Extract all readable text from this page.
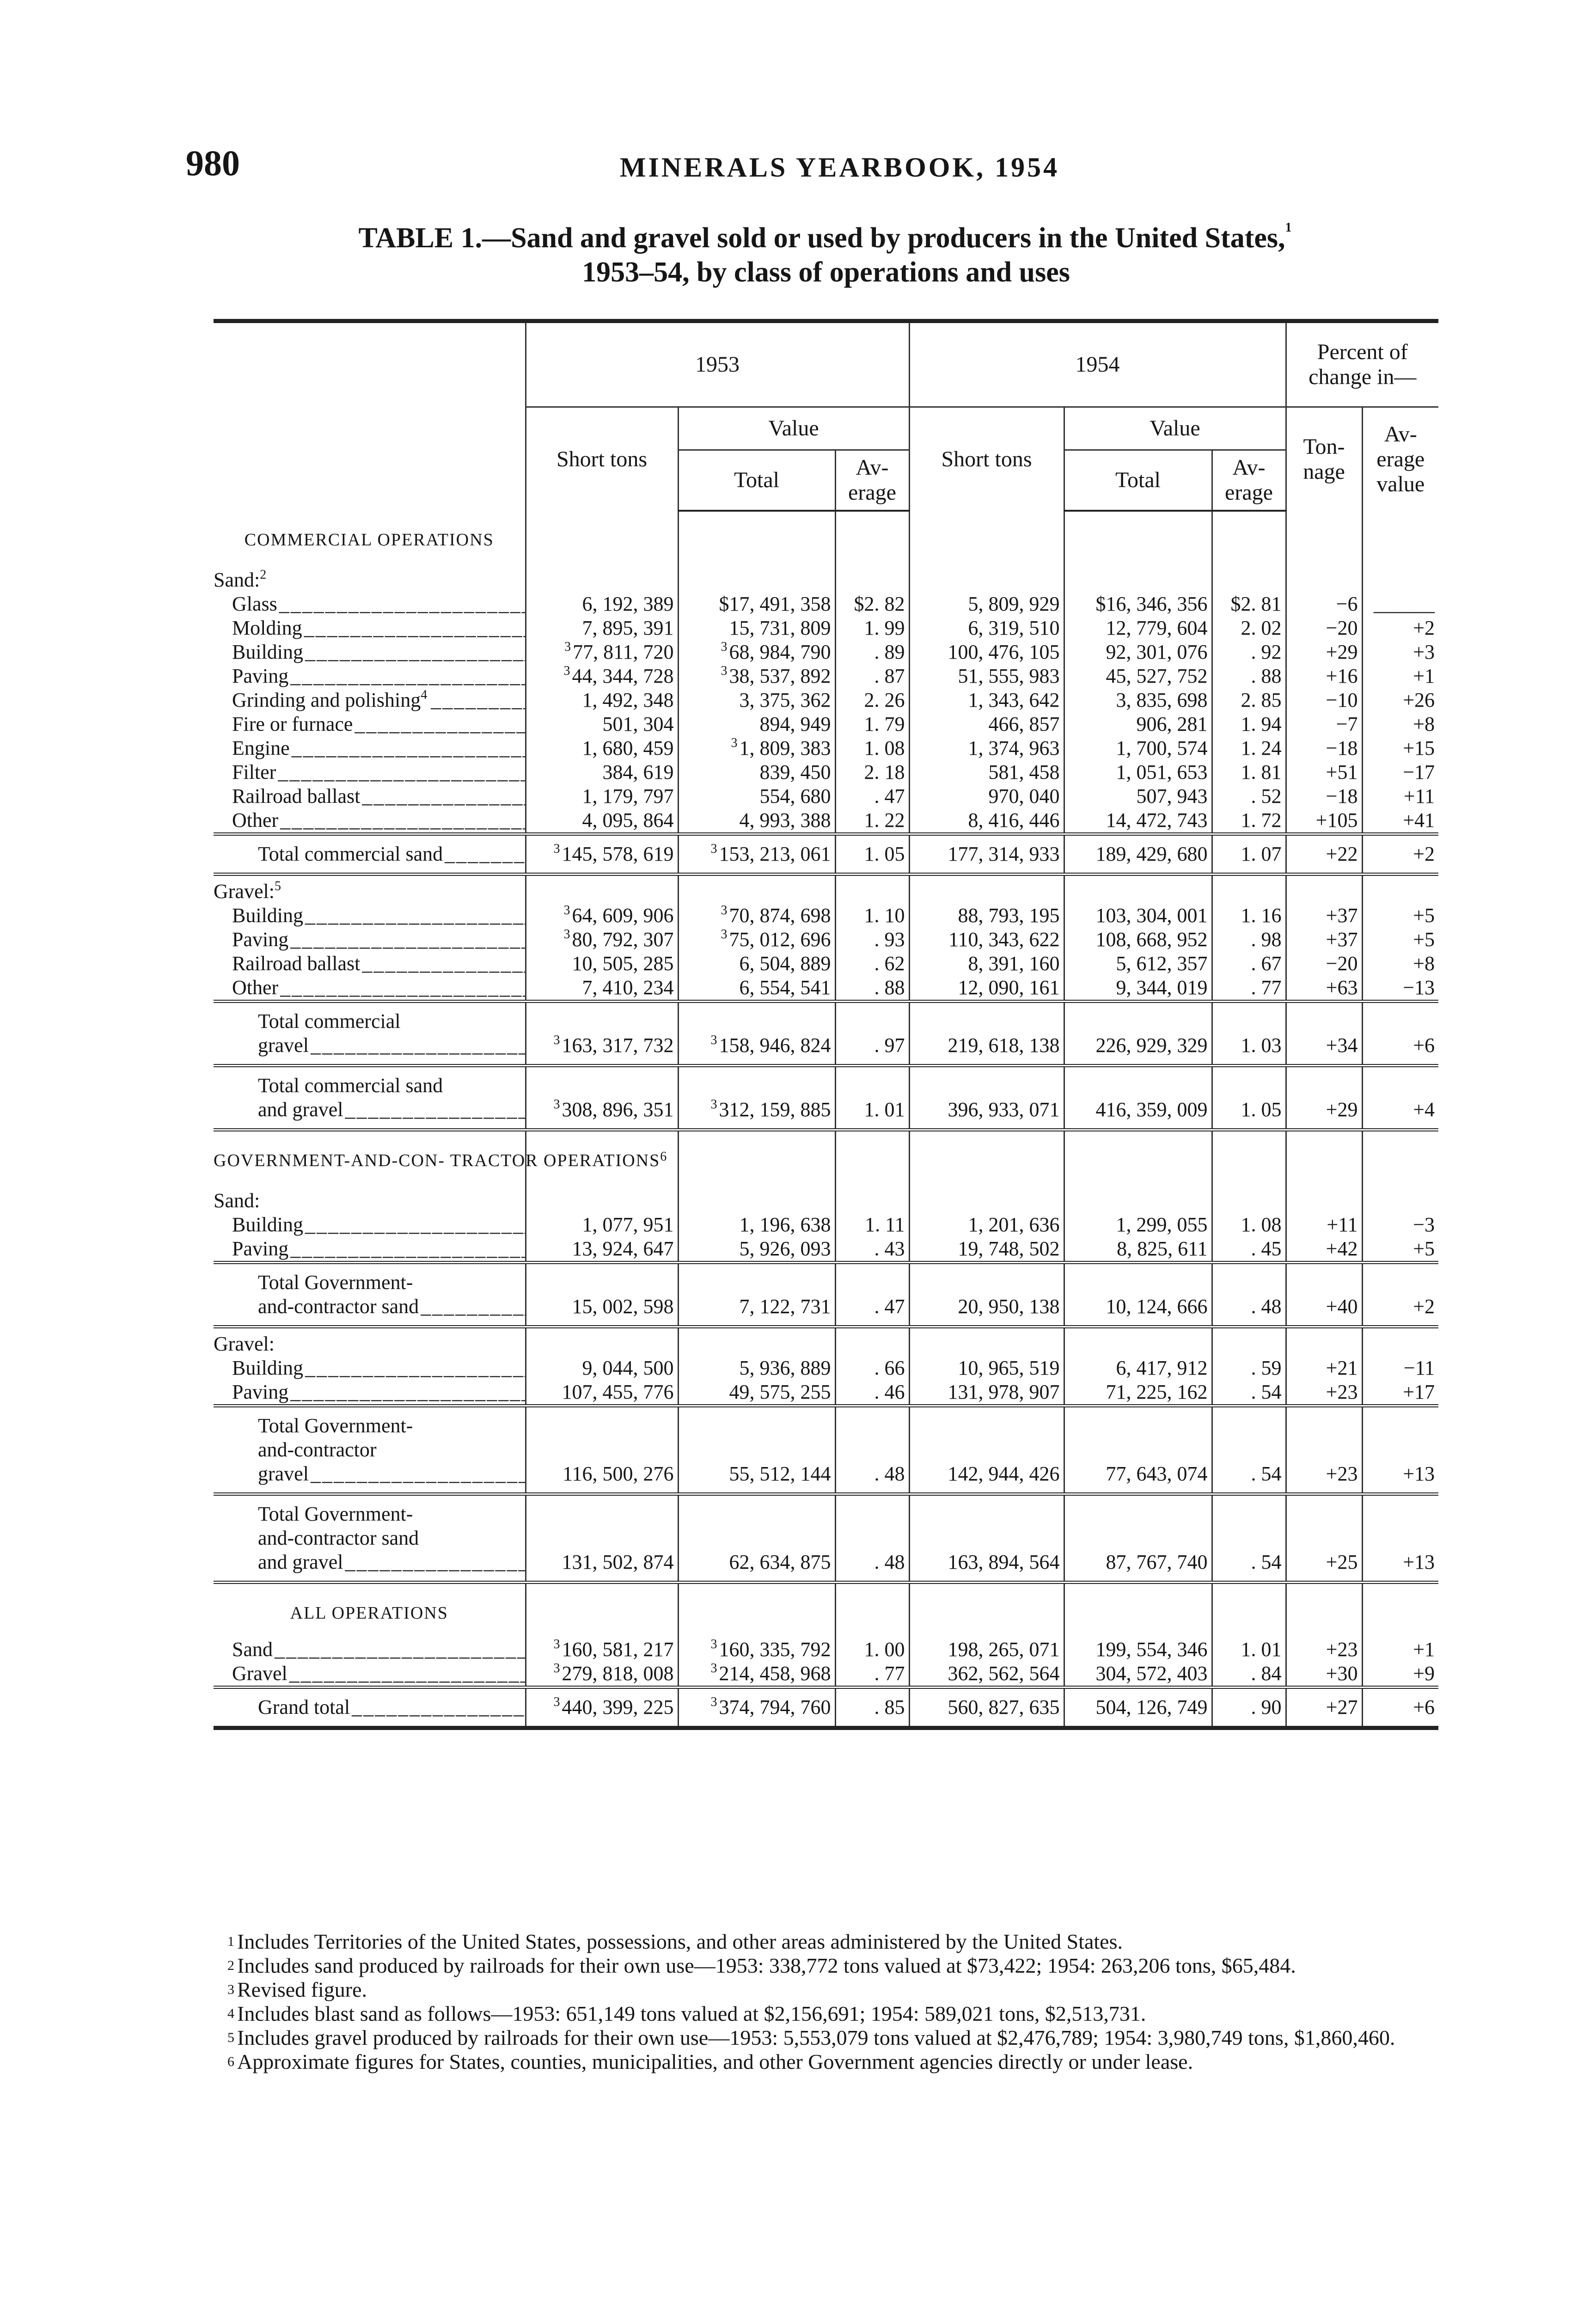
980	MINERALS YEARBOOK, 1954
TABLE 1.—Sand and gravel sold or used by producers in the United States,$^1$
1953–54, by class of operations and uses
	1953			1954			Percent of change in—	
	Short tons	Value		Short tons	Value		Ton- nage	Av- erage value
		Total	Av- erage		Total	Av- erage		
COMMERCIAL OPERATIONS								
Sand:$^2$								
Glass _ _ _	6, 192, 389	$17, 491, 358	$2. 82	5, 809, 929	$16, 346, 356	$2. 81	−6	______
Molding _ _ _	7, 895, 391	15, 731, 809	1. 99	6, 319, 510	12, 779, 604	2. 02	−20	+2
Building _ _ _	$^3$77, 811, 720	$^3$68, 984, 790	. 89	100, 476, 105	92, 301, 076	. 92	+29	+3
Paving _ _ _	$^3$44, 344, 728	$^3$38, 537, 892	. 87	51, 555, 983	45, 527, 752	. 88	+16	+1
Grinding and polishing$^4$ _ _ _	1, 492, 348	3, 375, 362	2. 26	1, 343, 642	3, 835, 698	2. 85	−10	+26
Fire or furnace _ _ _	501, 304	894, 949	1. 79	466, 857	906, 281	1. 94	−7	+8
Engine _ _ _	1, 680, 459	$^3$1, 809, 383	1. 08	1, 374, 963	1, 700, 574	1. 24	−18	+15
Filter _ _ _	384, 619	839, 450	2. 18	581, 458	1, 051, 653	1. 81	+51	−17
Railroad ballast _ _ _	1, 179, 797	554, 680	. 47	970, 040	507, 943	. 52	−18	+11
Other _ _ _	4, 095, 864	4, 993, 388	1. 22	8, 416, 446	14, 472, 743	1. 72	+105	+41
Total commercial sand _ _ _	$^3$145, 578, 619	$^3$153, 213, 061	1. 05	177, 314, 933	189, 429, 680	1. 07	+22	+2
Gravel:$^5$								
Building _ _ _	$^3$64, 609, 906	$^3$70, 874, 698	1. 10	88, 793, 195	103, 304, 001	1. 16	+37	+5
Paving _ _ _	$^3$80, 792, 307	$^3$75, 012, 696	. 93	110, 343, 622	108, 668, 952	. 98	+37	+5
Railroad ballast _ _ _	10, 505, 285	6, 504, 889	. 62	8, 391, 160	5, 612, 357	. 67	−20	+8
Other _ _ _	7, 410, 234	6, 554, 541	. 88	12, 090, 161	9, 344, 019	. 77	+63	−13
Total commercial
gravel _ _ _	$^3$163, 317, 732	$^3$158, 946, 824	. 97	219, 618, 138	226, 929, 329	1. 03	+34	+6
Total commercial sand
and gravel _ _ _	$^3$308, 896, 351	$^3$312, 159, 885	1. 01	396, 933, 071	416, 359, 009	1. 05	+29	+4
GOVERNMENT-AND-CON- TRACTOR OPERATIONS$^6$								
Sand:								
Building _ _ _	1, 077, 951	1, 196, 638	1. 11	1, 201, 636	1, 299, 055	1. 08	+11	−3
Paving _ _ _	13, 924, 647	5, 926, 093	. 43	19, 748, 502	8, 825, 611	. 45	+42	+5
Total Government-
and-contractor sand _ _ _	15, 002, 598	7, 122, 731	. 47	20, 950, 138	10, 124, 666	. 48	+40	+2
Gravel:								
Building _ _ _	9, 044, 500	5, 936, 889	. 66	10, 965, 519	6, 417, 912	. 59	+21	−11
Paving _ _ _	107, 455, 776	49, 575, 255	. 46	131, 978, 907	71, 225, 162	. 54	+23	+17
Total Government-
and-contractor
gravel _ _ _	116, 500, 276	55, 512, 144	. 48	142, 944, 426	77, 643, 074	. 54	+23	+13
Total Government-
and-contractor sand
and gravel _ _ _	131, 502, 874	62, 634, 875	. 48	163, 894, 564	87, 767, 740	. 54	+25	+13
ALL OPERATIONS								
Sand _ _ _	$^3$160, 581, 217	$^3$160, 335, 792	1. 00	198, 265, 071	199, 554, 346	1. 01	+23	+1
Gravel _ _ _	$^3$279, 818, 008	$^3$214, 458, 968	. 77	362, 562, 564	304, 572, 403	. 84	+30	+9
Grand total _ _ _	$^3$440, 399, 225	$^3$374, 794, 760	. 85	560, 827, 635	504, 126, 749	. 90	+27	+6

$^1$ Includes Territories of the United States, possessions, and other areas administered by the United States.

$^2$ Includes sand produced by railroads for their own use—1953: 338,772 tons valued at $73,422; 1954: 263,206 tons, $65,484.

$^3$ Revised figure.

$^4$ Includes blast sand as follows—1953: 651,149 tons valued at $2,156,691; 1954: 589,021 tons, $2,513,731.

$^5$ Includes gravel produced by railroads for their own use—1953: 5,553,079 tons valued at $2,476,789; 1954: 3,980,749 tons, $1,860,460.

$^6$ Approximate figures for States, counties, municipalities, and other Government agencies directly or under lease.
